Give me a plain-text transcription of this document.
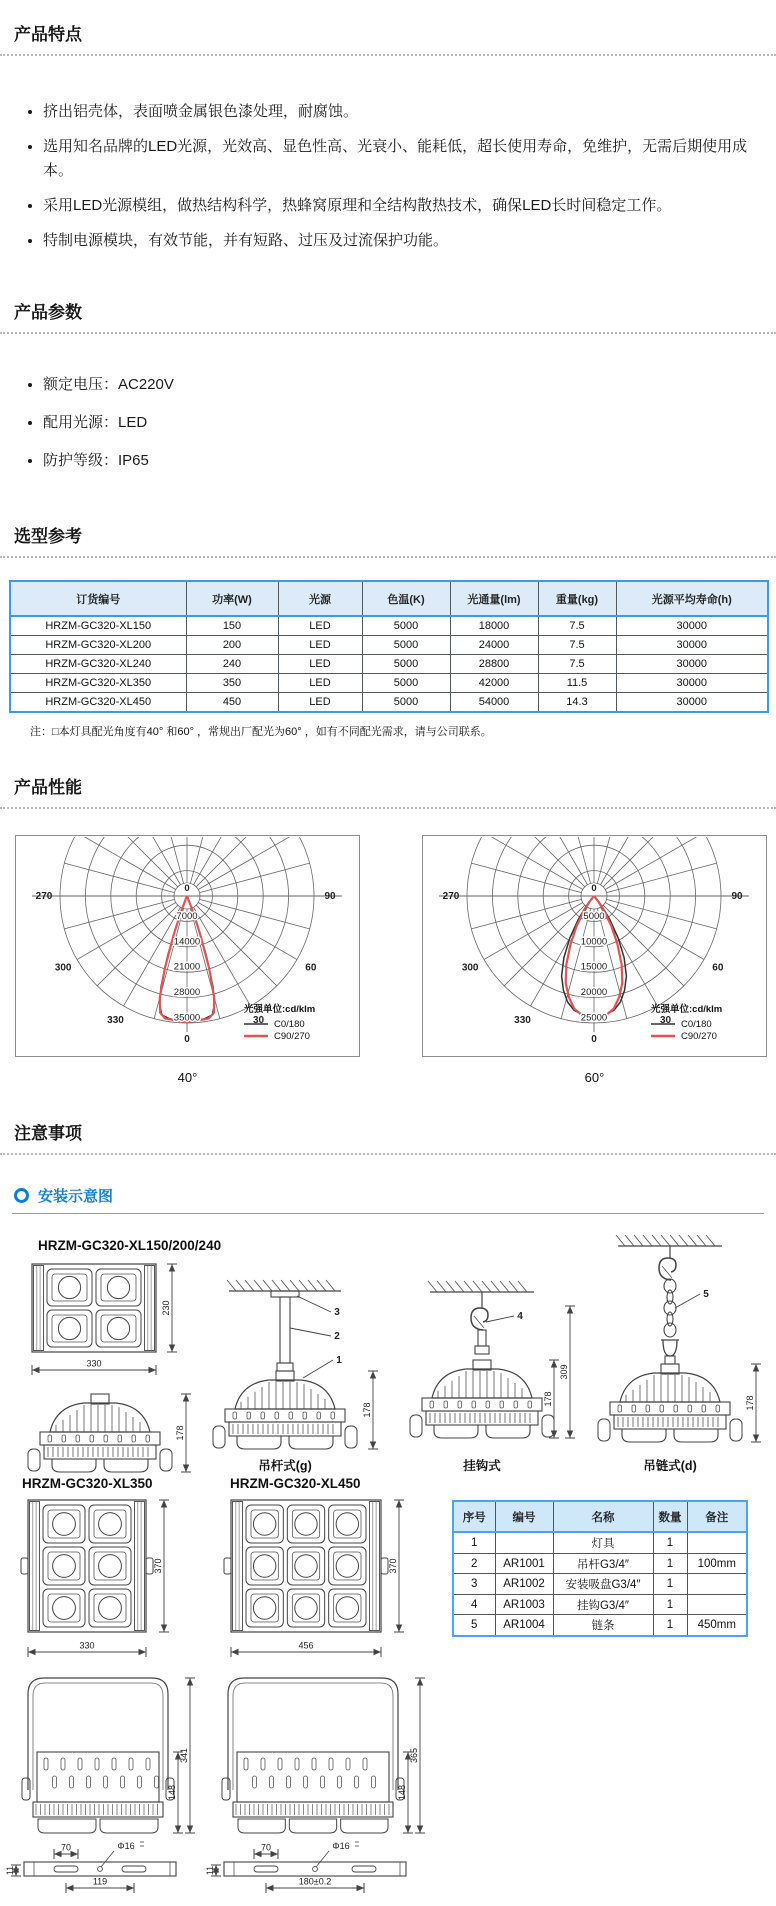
产品特点
• 挤出铝壳体，表面喷金属银色漆处理，耐腐蚀。
• 选用知名品牌的LED光源，光效高、显色性高、光衰小、能耗低，超长使用寿命，免维护，无需后期使用成本。
• 采用LED光源模组，做热结构科学，热蜂窝原理和全结构散热技术，确保LED长时间稳定工作。
• 特制电源模块，有效节能，并有短路、过压及过流保护功能。
产品参数
• 额定电压：AC220V
• 配用光源：LED
• 防护等级：IP65
选型参考
订货编号	功率(W)	光源	色温(K)	光通量(lm)	重量(kg)	光源平均寿命(h)
HRZM-GC320-XL150	150	LED	5000	18000	7.5	30000
HRZM-GC320-XL200	200	LED	5000	24000	7.5	30000
HRZM-GC320-XL240	240	LED	5000	28800	7.5	30000
HRZM-GC320-XL350	350	LED	5000	42000	11.5	30000
HRZM-GC320-XL450	450	LED	5000	54000	14.3	30000
注：□本灯具配光角度有40° 和60° ，常规出厂配光为60° ，如有不同配光需求，请与公司联系。
产品性能
0
7000
14000
21000
28000
35000
270
300
330
0
30
60
90
光强单位:cd/klm
C0/180
C90/270
40°
0
5000
10000
15000
20000
25000
270
300
330
0
30
60
90
光强单位:cd/klm
C0/180
C90/270
60°
注意事项
安装示意图
HRZM-GC320-XL150/200/240
330
230
178
3
2
1
178
吊杆式(g)
4
178
309
挂钩式
5
178
吊链式(d)
HRZM-GC320-XL350	HRZM-GC320-XL450
330
370
456
370
序号	编号	名称	数量	备注
1		灯具	1	
2	AR1001	吊杆G3/4″	1	100mm
3	AR1002	安装吸盘G3/4″	1	
4	AR1003	挂钩G3/4″	1	
5	AR1004	链条	1	450mm
341
148
Φ16
70
119
11
365
148
Φ16
70
180±0.2
11
